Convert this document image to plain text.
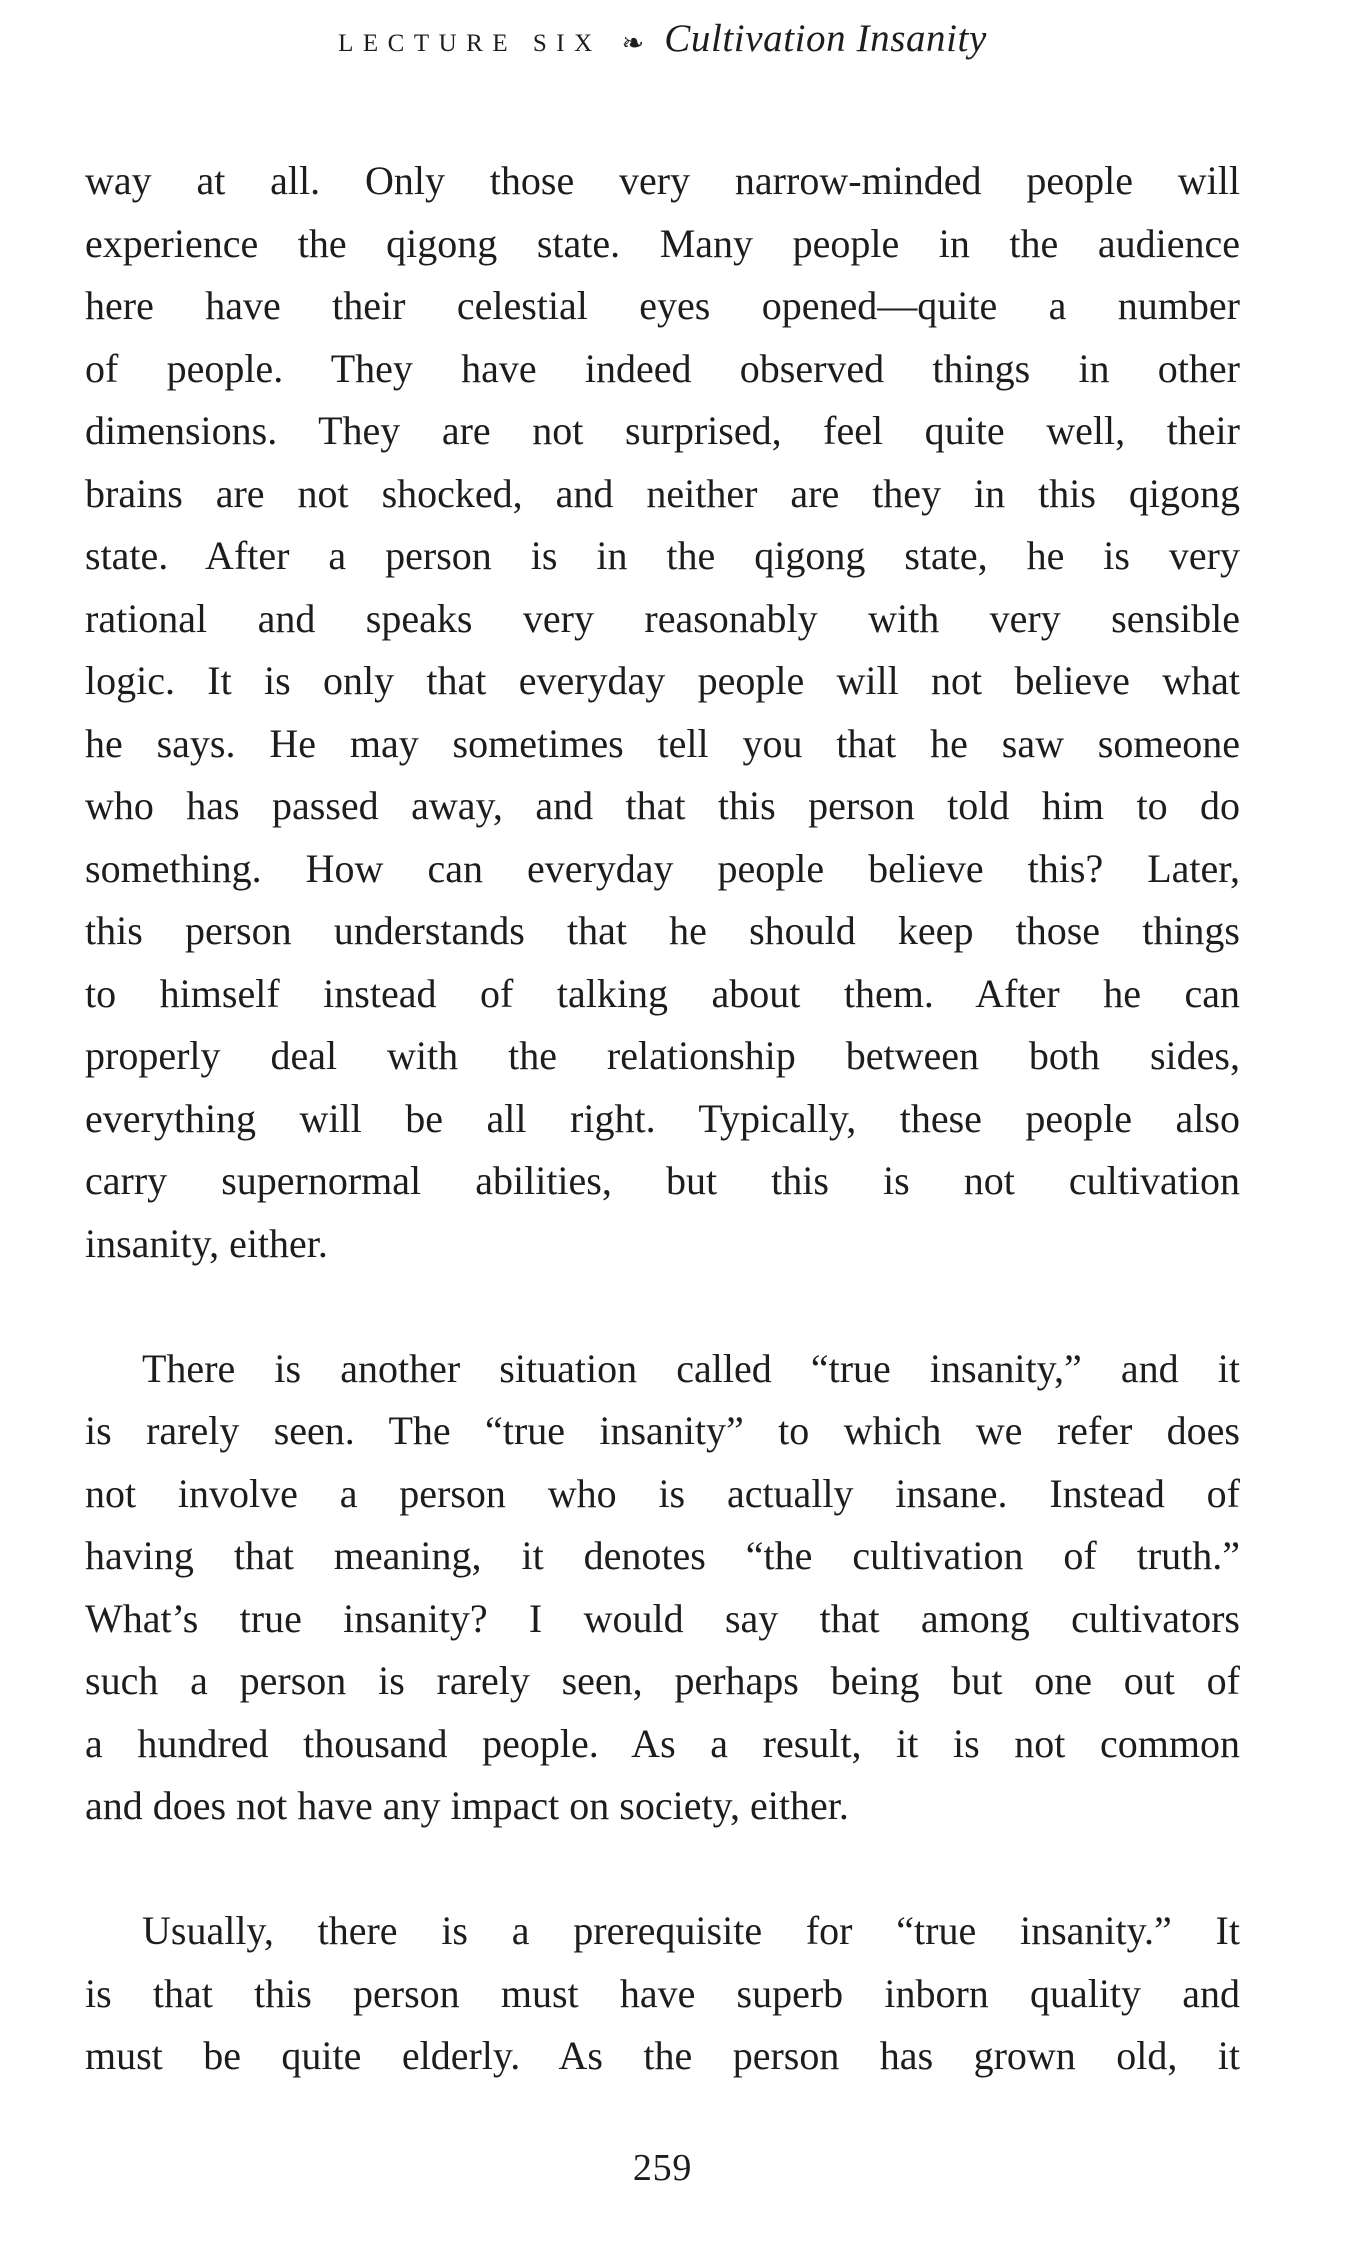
LECTURE SIX ❧ Cultivation Insanity
way at all. Only those very narrow-minded people will
experience the qigong state. Many people in the audience
here have their celestial eyes opened—quite a number
of people. They have indeed observed things in other
dimensions. They are not surprised, feel quite well, their
brains are not shocked, and neither are they in this qigong
state. After a person is in the qigong state, he is very
rational and speaks very reasonably with very sensible
logic. It is only that everyday people will not believe what
he says. He may sometimes tell you that he saw someone
who has passed away, and that this person told him to do
something. How can everyday people believe this? Later,
this person understands that he should keep those things
to himself instead of talking about them. After he can
properly deal with the relationship between both sides,
everything will be all right. Typically, these people also
carry supernormal abilities, but this is not cultivation
insanity, either.
There is another situation called “true insanity,” and it
is rarely seen. The “true insanity” to which we refer does
not involve a person who is actually insane. Instead of
having that meaning, it denotes “the cultivation of truth.”
What’s true insanity? I would say that among cultivators
such a person is rarely seen, perhaps being but one out of
a hundred thousand people. As a result, it is not common
and does not have any impact on society, either.
Usually, there is a prerequisite for “true insanity.” It
is that this person must have superb inborn quality and
must be quite elderly. As the person has grown old, it
259
